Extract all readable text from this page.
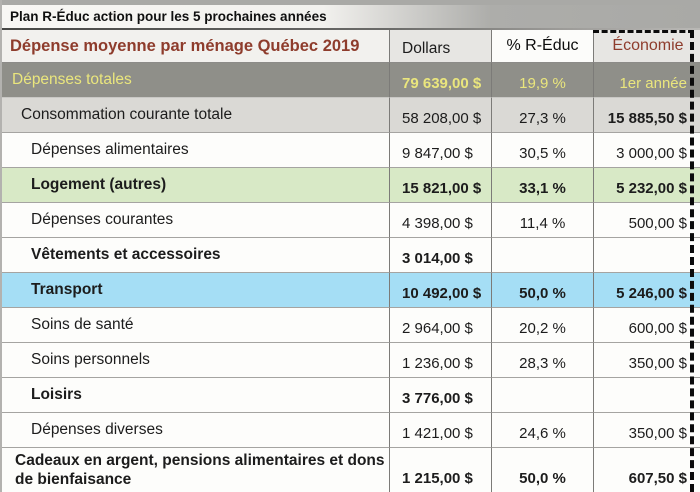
Plan R-Éduc action pour les 5 prochaines années
Dépense moyenne par ménage Québec 2019	Dollars	% R-Éduc	Économie
Dépenses totales	79 639,00 $	19,9 %	1er année
Consommation courante totale	58 208,00 $	27,3 %	15 885,50 $
Dépenses alimentaires	9 847,00 $	30,5 %	3 000,00 $
Logement (autres)	15 821,00 $	33,1 %	5 232,00 $
Dépenses courantes	4 398,00 $	11,4 %	500,00 $
Vêtements et accessoires	3 014,00 $
Transport	10 492,00 $	50,0 %	5 246,00 $
Soins de santé	2 964,00 $	20,2 %	600,00 $
Soins personnels	1 236,00 $	28,3 %	350,00 $
Loisirs	3 776,00 $
Dépenses diverses	1 421,00 $	24,6 %	350,00 $
Cadeaux en argent, pensions alimentaires et dons de bienfaisance	1 215,00 $	50,0 %	607,50 $
